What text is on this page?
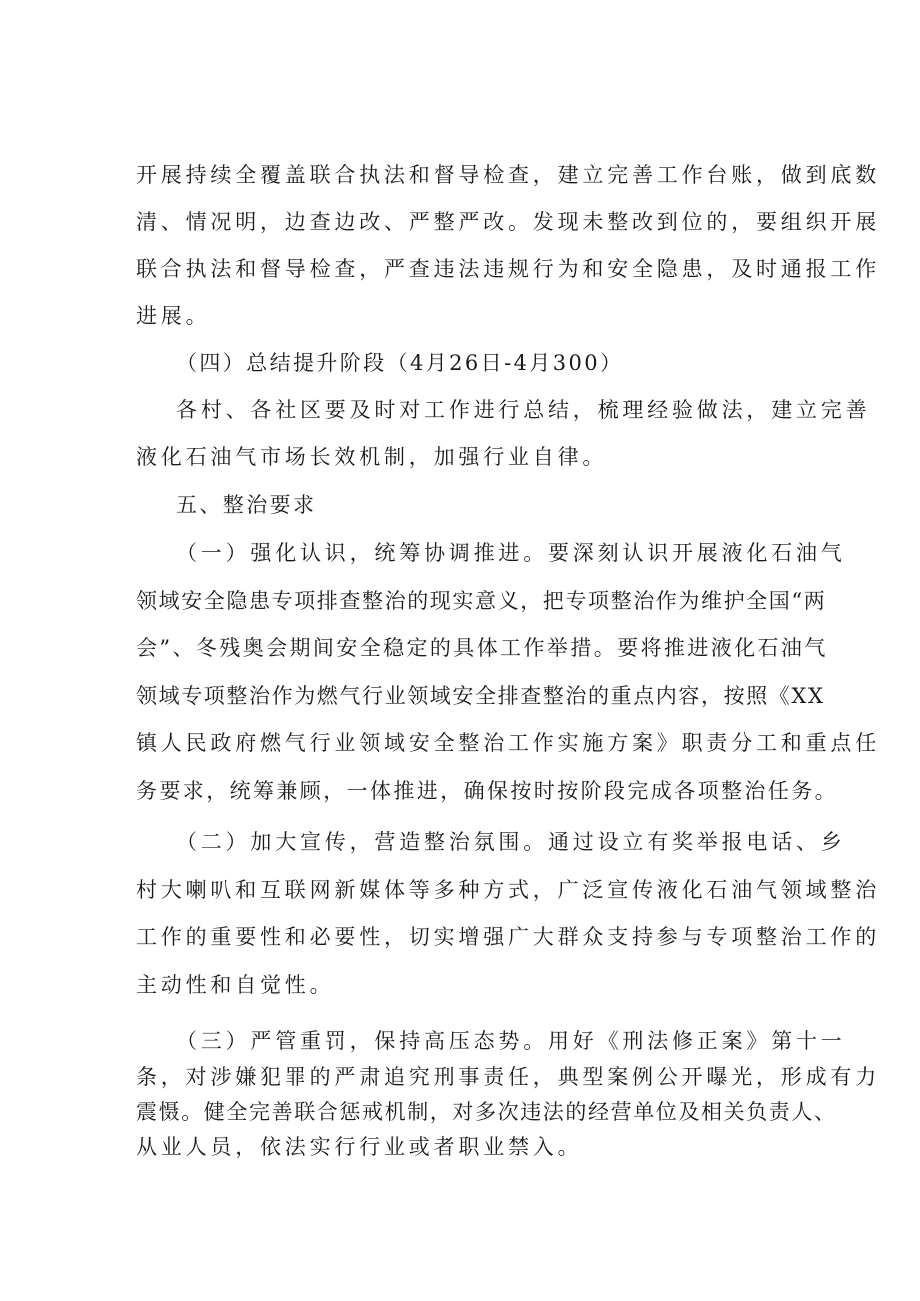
开展持续全覆盖联合执法和督导检查，建立完善工作台账，做到底数
清、情况明，边查边改、严整严改。发现未整改到位的，要组织开展
联合执法和督导检查，严查违法违规行为和安全隐患，及时通报工作
进展。
（四）总结提升阶段（4月26日-4月300）
各村、各社区要及时对工作进行总结，梳理经验做法，建立完善
液化石油气市场长效机制，加强行业自律。
五、整治要求
（一）强化认识，统筹协调推进。要深刻认识开展液化石油气
领域安全隐患专项排查整治的现实意义，把专项整治作为维护全国“两
会”、冬残奥会期间安全稳定的具体工作举措。要将推进液化石油气
领域专项整治作为燃气行业领域安全排查整治的重点内容，按照《XX
镇人民政府燃气行业领域安全整治工作实施方案》职责分工和重点任
务要求，统筹兼顾，一体推进，确保按时按阶段完成各项整治任务。
（二）加大宣传，营造整治氛围。通过设立有奖举报电话、乡
村大喇叭和互联网新媒体等多种方式，广泛宣传液化石油气领域整治
工作的重要性和必要性，切实增强广大群众支持参与专项整治工作的
主动性和自觉性。
（三）严管重罚，保持高压态势。用好《刑法修正案》第十一
条，对涉嫌犯罪的严肃追究刑事责任，典型案例公开曝光，形成有力
震慑。健全完善联合惩戒机制，对多次违法的经营单位及相关负责人、
从业人员，依法实行行业或者职业禁入。
